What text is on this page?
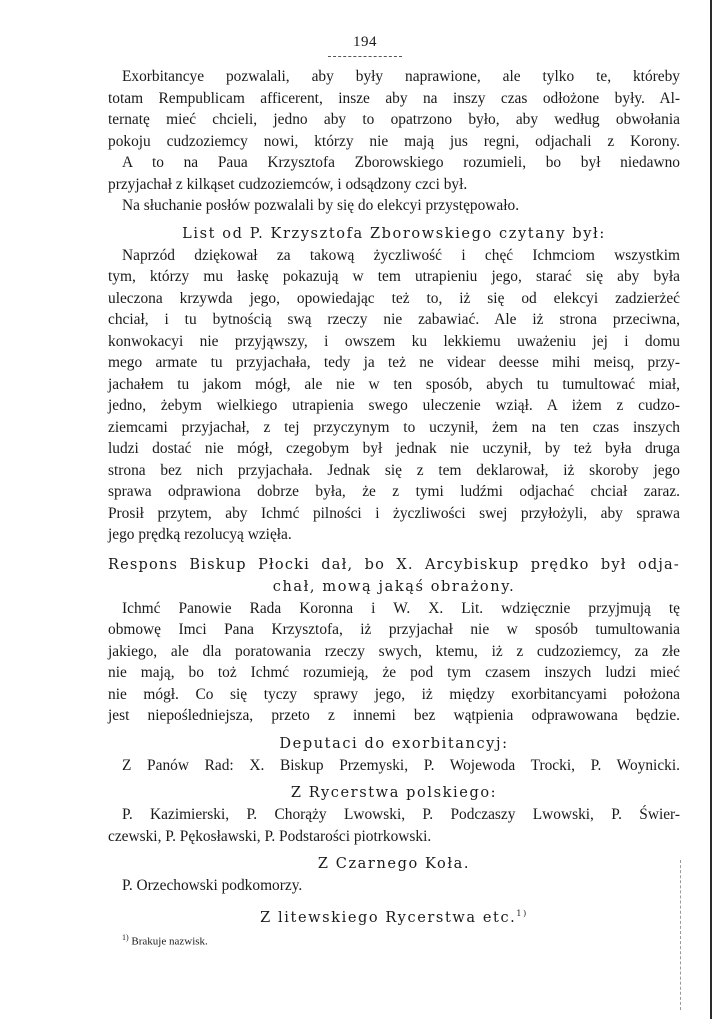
194
Exorbitancye pozwalali, aby były naprawione, ale tylko te, któreby
totam Rempublicam afficerent, insze aby na inszy czas odłożone były. Al-
ternatę mieć chcieli, jedno aby to opatrzono było, aby według obwołania
pokoju cudzoziemcy nowi, którzy nie mają jus regni, odjachali z Korony.
A to na Paua Krzysztofa Zborowskiego rozumieli, bo był niedawno
przyjachał z kilkąset cudzoziemców, i odsądzony czci był.
Na słuchanie posłów pozwalali by się do elekcyi przystępowało.
List od P. Krzysztofa Zborowskiego czytany był:
Naprzód dziękował za takową życzliwość i chęć Ichmciom wszystkim
tym, którzy mu łaskę pokazują w tem utrapieniu jego, starać się aby była
uleczona krzywda jego, opowiedając też to, iż się od elekcyi zadzierżeć
chciał, i tu bytnością swą rzeczy nie zabawiać. Ale iż strona przeciwna,
konwokacyi nie przyjąwszy, i owszem ku lekkiemu uważeniu jej i domu
mego armate tu przyjachała, tedy ja też ne videar deesse mihi meisq, przy-
jachałem tu jakom mógł, ale nie w ten sposób, abych tu tumultować miał,
jedno, żebym wielkiego utrapienia swego uleczenie wziął. A iżem z cudzo-
ziemcami przyjachał, z tej przyczynym to uczynił, żem na ten czas inszych
ludzi dostać nie mógł, czegobym był jednak nie uczynił, by też była druga
strona bez nich przyjachała. Jednak się z tem deklarował, iż skoroby jego
sprawa odprawiona dobrze była, że z tymi ludźmi odjachać chciał zaraz.
Prosił przytem, aby Ichmć pilności i życzliwości swej przyłożyli, aby sprawa
jego prędką rezolucyą wzięła.
Respons Biskup Płocki dał, bo X. Arcybiskup prędko był odja-
chał, mową jakąś obrażony.
Ichmć Panowie Rada Koronna i W. X. Lit. wdzięcznie przyjmują tę
obmowę Imci Pana Krzysztofa, iż przyjachał nie w sposób tumultowania
jakiego, ale dla poratowania rzeczy swych, ktemu, iż z cudzoziemcy, za złe
nie mają, bo toż Ichmć rozumieją, że pod tym czasem inszych ludzi mieć
nie mógł. Co się tyczy sprawy jego, iż między exorbitancyami położona
jest niepośledniejsza, przeto z innemi bez wątpienia odprawowana będzie.
Deputaci do exorbitancyj:
Z Panów Rad: X. Biskup Przemyski, P. Wojewoda Trocki, P. Woynicki.
Z Rycerstwa polskiego:
P. Kazimierski, P. Chorąży Lwowski, P. Podczaszy Lwowski, P. Świer-
czewski, P. Pękosławski, P. Podstarości piotrkowski.
Z Czarnego Koła.
P. Orzechowski podkomorzy.
Z litewskiego Rycerstwa etc.$^{1)}$
$^{1)}$ Brakuje nazwisk.
